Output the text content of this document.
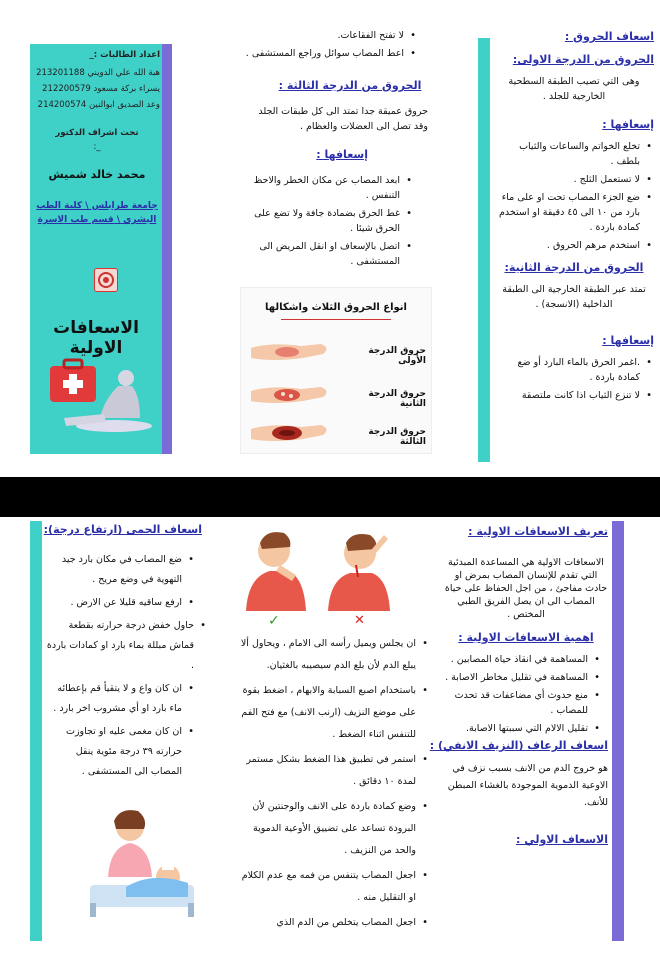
اسعاف الحروق :
الحروق من الدرجة الاولى:
وهى التي تصيب الطبقة السطحية الخارجية للجلد .
إسعافها :
• تخلع الخواتم والساعات والثياب بلطف .
• لا تستعمل الثلج .
• ضع الجزء المصاب تحت او على ماء بارد من ١٠ الى ٤٥ دقيقة او استخدم كمادة باردة .
• استخدم مرهم الحروق .
الحروق من الدرجة الثانية:
تمتد عبر الطبقة الخارجية الى الطبقة الداخلية (الانسجة) .
إسعافها :
• .اغمر الحرق بالماء البارد أو ضع كمادة باردة .
• لا تنزع الثياب اذا كانت ملتصقة
• لا تفتح الفقاعات.
• اعط المصاب سوائل وراجع المستشفى .
الحروق من الدرجة الثالثة :
حروق عميقة جدا تمتد الى كل طبقات الجلد وقد تصل الى العضلات والعظام .
إسعافها :
• ابعد المصاب عن مكان الخطر والاحظ التنفس .
• غط الحرق بضمادة جافة ولا تضع على الحرق شيئا .
• اتصل بالإسعاف او انقل المريض الى المستشفى .
انواع الحروق الثلاث واشكالها
حروق الدرجة الأولى
حروق الدرجة الثانية
حروق الدرجة الثالثة
اعداد الطالبات :_
هبة الله علي الدويني 213201188
يسراء بركة مسعود 212200579
وعد الصديق ابوالنين 214200574
تحت اشراف الدكتور
_:
محمد خالد شميش
جامعة طرابلس \ كلية الطب البشري \ قسم طب الاسرة
الاسعافات الاولية
تعريف الاسعافات الاولية :
الاسعافات الاولية هي المساعدة المبدئية التي تقدم للإنسان المصاب بمرض او حادث مفاجئ ، من اجل الحفاظ على حياة المصاب الى ان يصل الفريق الطبي المختص .
اهمية الاسعافات الاولية :
• المساهمة في انقاذ حياة المصابين .
• المساهمة في تقليل مخاطر الاصابة .
• منع حدوث أي مضاعفات قد تحدث للمصاب .
• تقليل الالام التي سببتها الاصابة.
اسعاف الرعاف (النزيف الانفي) :
هو خروج الدم من الانف بسبب نزف في الاوعية الدموية الموجودة بالغشاء المبطن للأنف.
الاسعاف الاولي :
✓	✕
• ان يجلس ويميل رأسه الى الامام ، ويحاول ألا يبلع الدم لأن بلع الدم سيصيبه بالغثيان.
• باستخدام اصبع السبابة والابهام ، اضغط بقوة على موضع النزيف (ارنب الانف) مع فتح الفم للتنفس اثناء الضغط .
• استمر في تطبيق هذا الضغط بشكل مستمر لمدة ١٠ دقائق .
• وضع كمادة باردة على الانف والوجنتين لأن البرودة تساعد على تضييق الأوعية الدموية والحد من النزيف .
• اجعل المصاب يتنفس من فمه مع عدم الكلام او التقليل منه .
• اجعل المصاب يتخلص من الدم الذي
اسعاف الحمى (ارتفاع درجة):
• ضع المصاب في مكان بارد جيد التهوية في وضع مريح .
• ارفع ساقيه قليلا عن الارض .
• حاول خفض درجة حرارته بقطعة قماش مبللة بماء بارد او كمادات باردة .
• ان كان واع و لا يتقيأ قم بإعطائه ماء بارد او أي مشروب اخر بارد .
• ان كان مغمى عليه او تجاوزت حرارته ٣٩ درجة مئوية ينقل المصاب الى المستشفى .
